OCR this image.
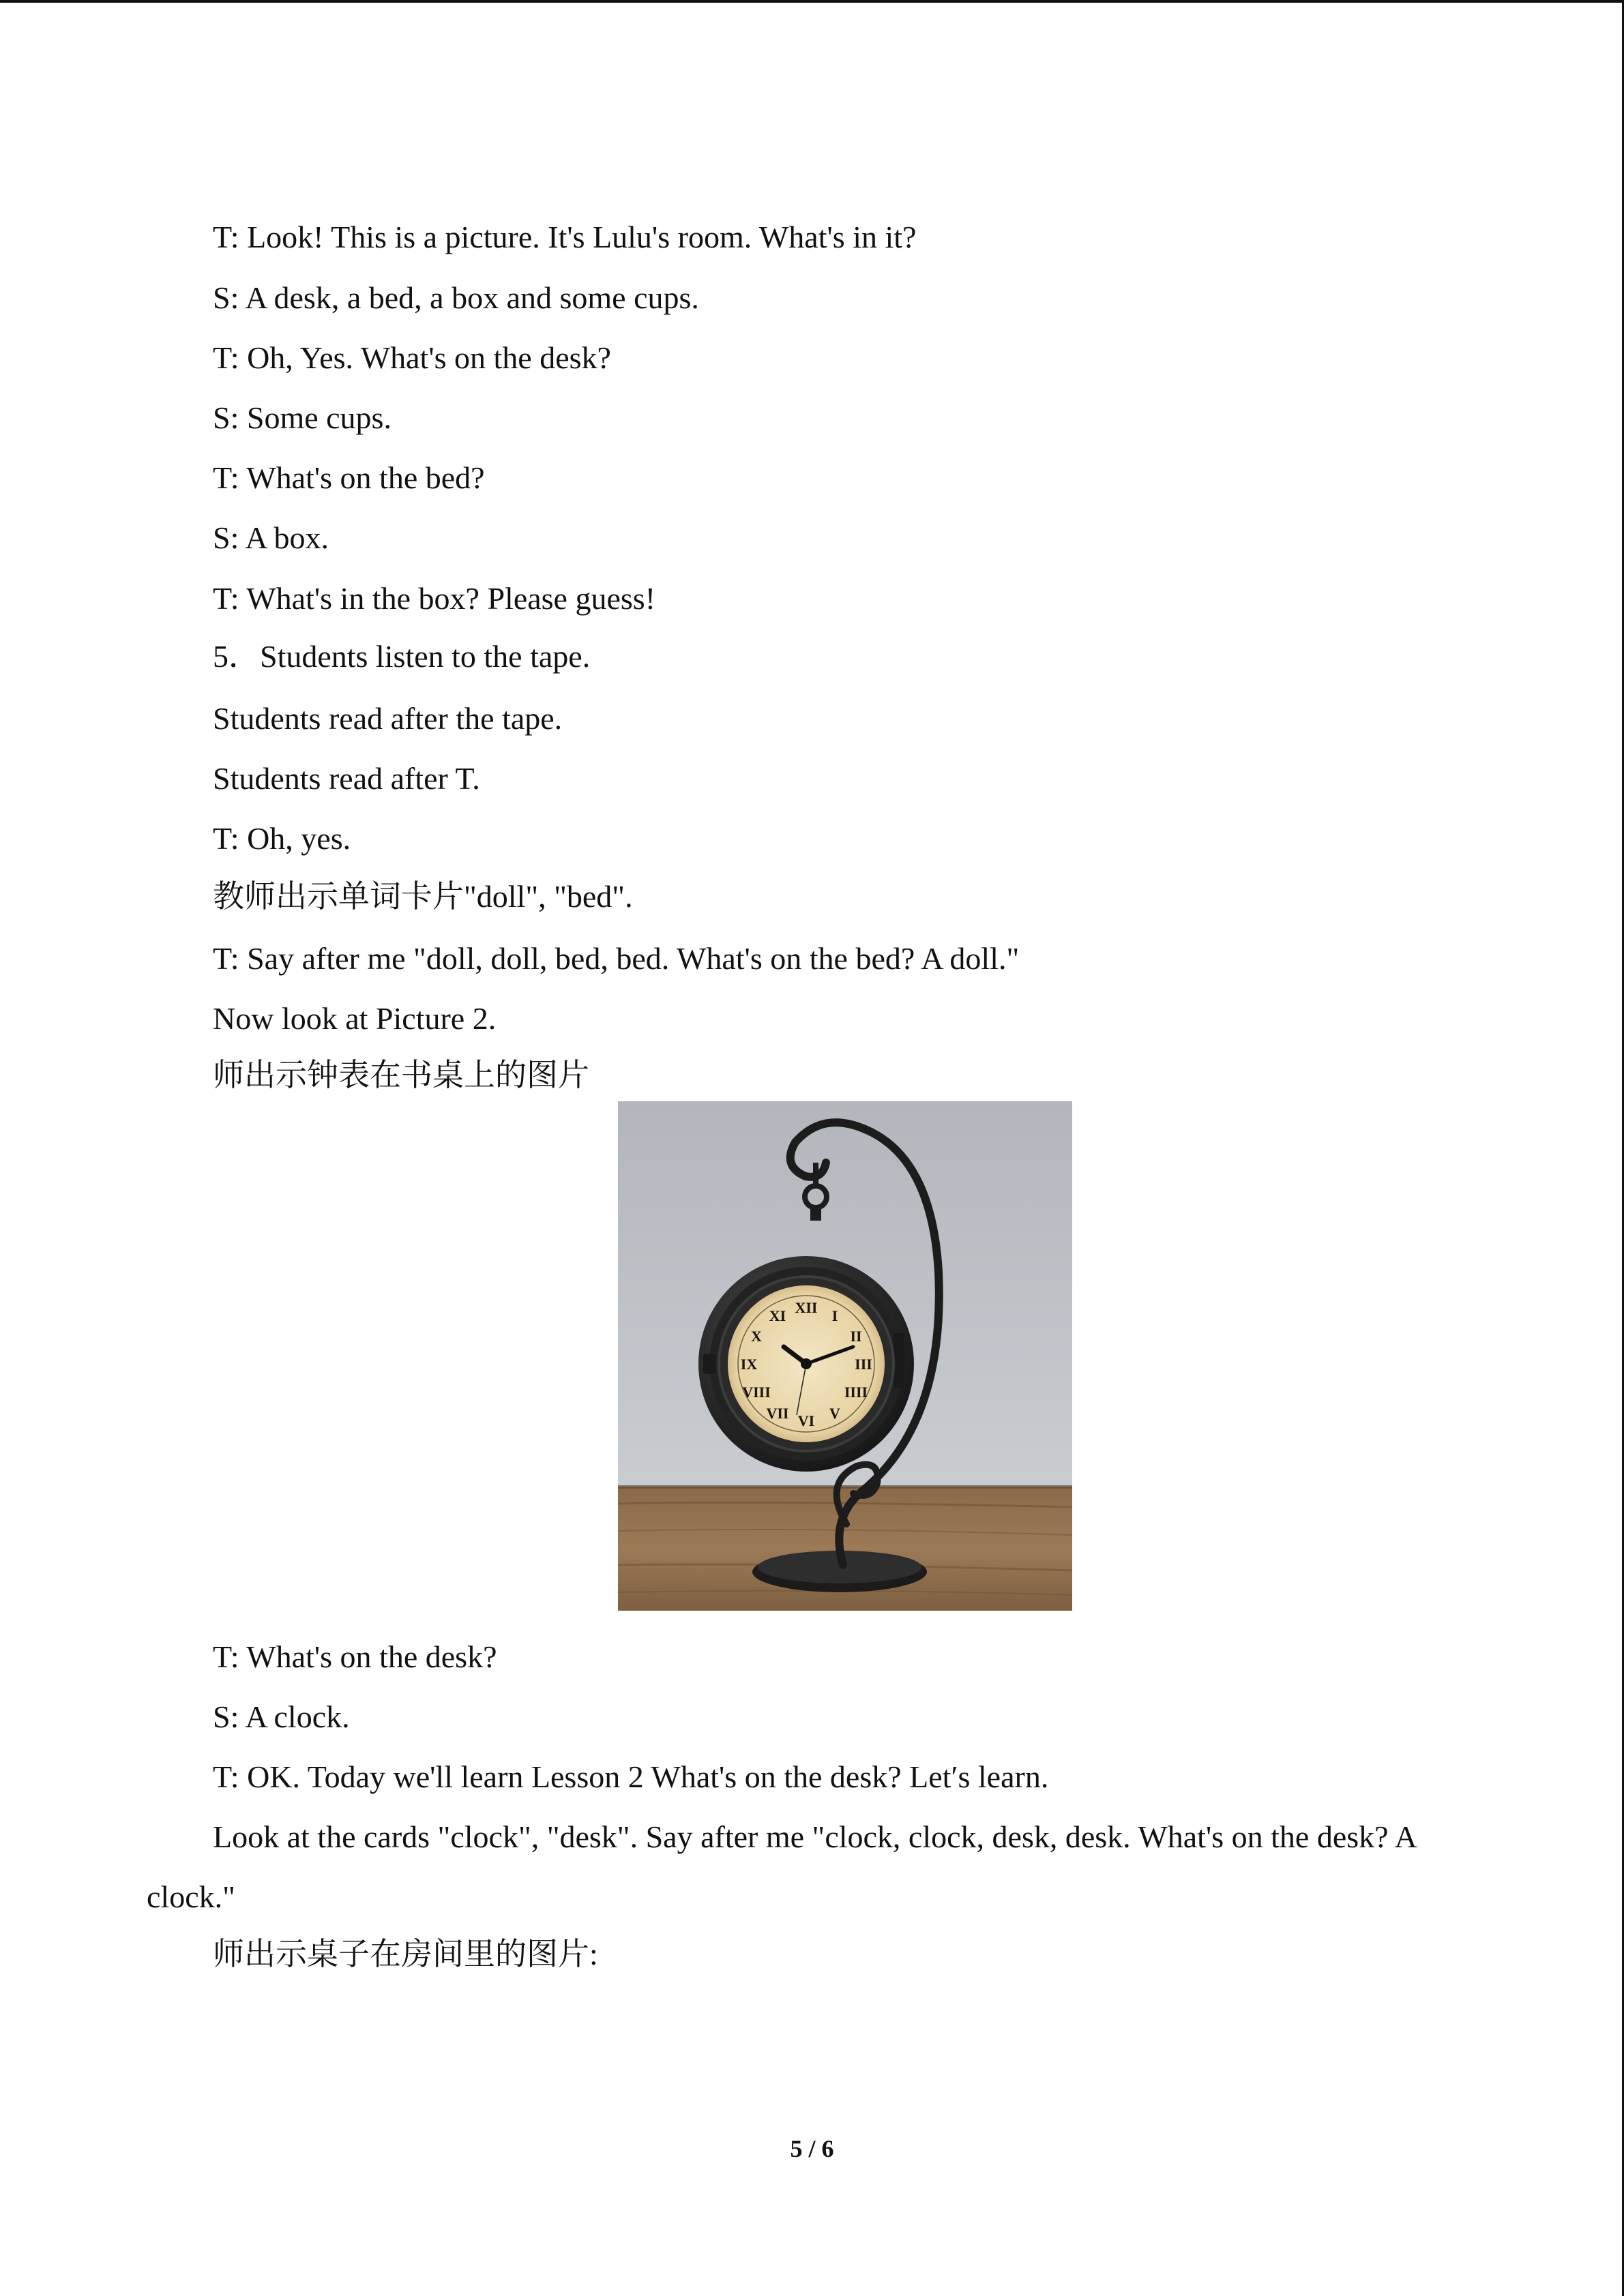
T: Look! This is a picture. It's Lulu's room. What's in it?
S: A desk, a bed, a box and some cups.
T: Oh, Yes. What's on the desk?
S: Some cups.
T: What's on the bed?
S: A box.
T: What's in the box? Please guess!
5．Students listen to the tape.
Students read after the tape.
Students read after T.
T: Oh, yes.
教师出示单词卡片"doll", "bed".
T: Say after me "doll, doll, bed, bed. What's on the bed? A doll."
Now look at Picture 2.
师出示钟表在书桌上的图片
XII I
II
III
IIII
V
VI
VII
VIII
IX
X
XI
T: What's on the desk?
S: A clock.
T: OK. Today we'll learn Lesson 2 What's on the desk? Let′s learn.
Look at the cards "clock", "desk". Say after me "clock, clock, desk, desk. What's on the desk? A
clock."
师出示桌子在房间里的图片:
5 / 6
